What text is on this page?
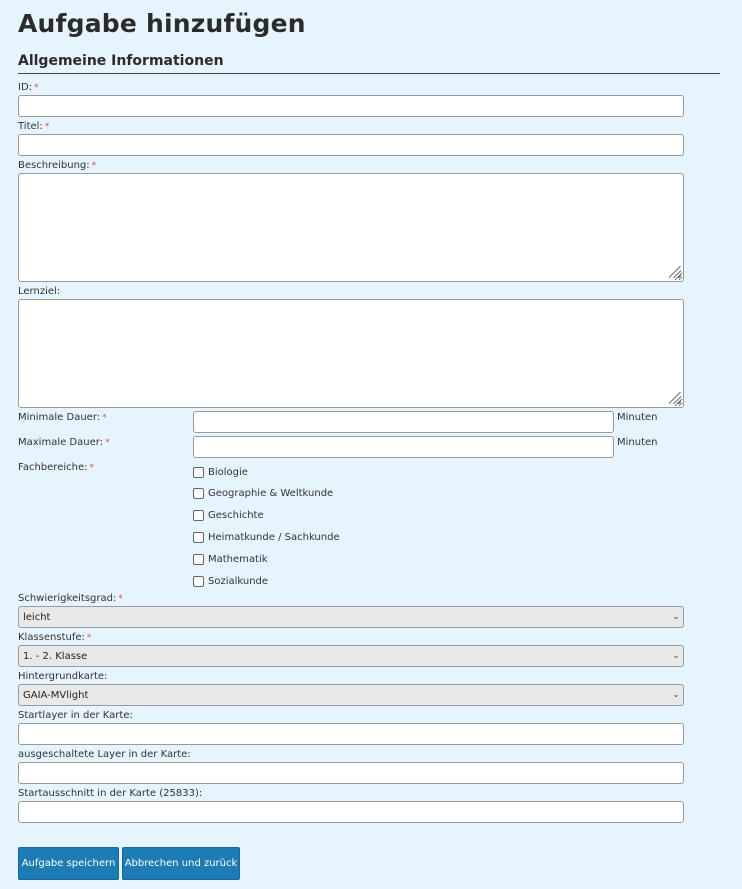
Aufgabe hinzufügen
Allgemeine Informationen
ID: *
Titel: *
Beschreibung: *
Lernziel:
Minimale Dauer: *	Minuten
Maximale Dauer: *	Minuten
Fachbereiche: *	Biologie
Geographie & Weltkunde
Geschichte
Heimatkunde / Sachkunde
Mathematik
Sozialkunde
Schwierigkeitsgrad: *
leicht	⌄
Klassenstufe: *
1. - 2. Klasse	⌄
Hintergrundkarte:
GAIA-MVlight	⌄
Startlayer in der Karte:
ausgeschaltete Layer in der Karte:
Startausschnitt in der Karte (25833):
Aufgabe speichern Abbrechen und zurück
